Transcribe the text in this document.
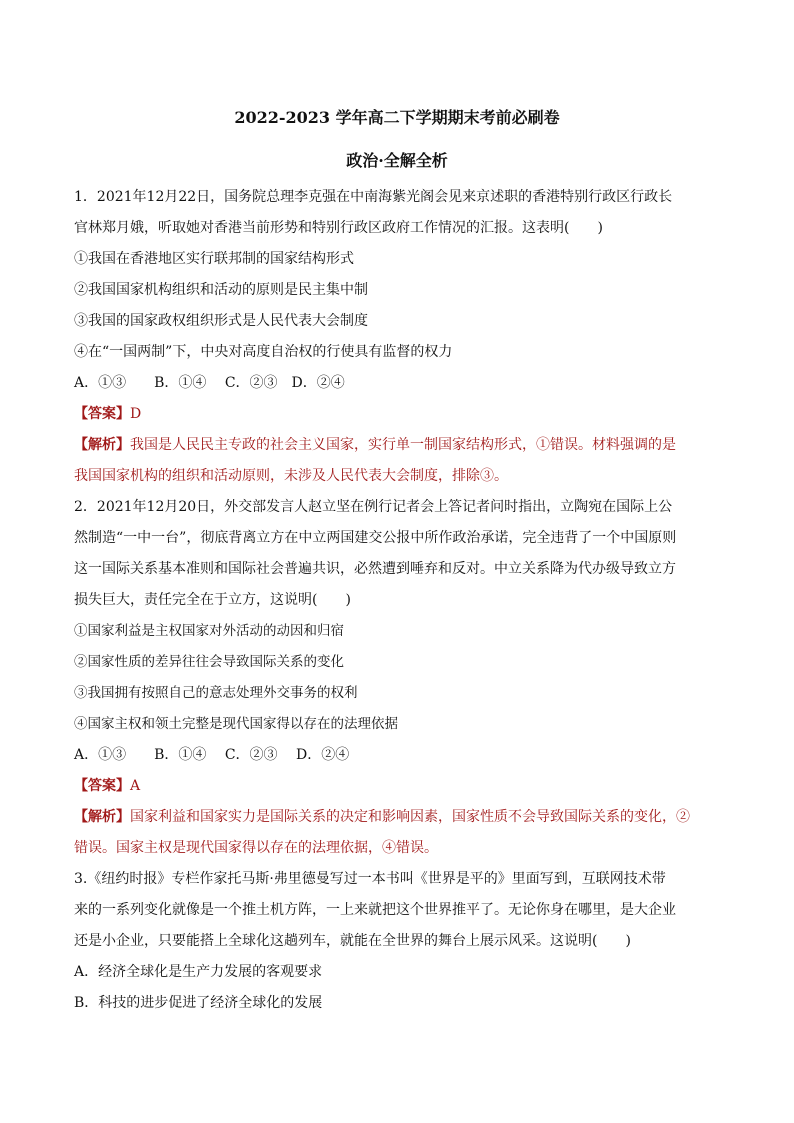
2022-2023 学年高二下学期期末考前必刷卷
政治·全解全析

1．2021年12月22日，国务院总理李克强在中南海紫光阁会见来京述职的香港特别行政区行政长

官林郑月娥，听取她对香港当前形势和特别行政区政府工作情况的汇报。这表明(　　)

①我国在香港地区实行联邦制的国家结构形式

②我国国家机构组织和活动的原则是民主集中制

③我国的国家政权组织形式是人民代表大会制度

④在“一国两制”下，中央对高度自治权的行使具有监督的权力

A．①③　　B．①④　 C．②③　D．②④

【答案】D

【解析】我国是人民民主专政的社会主义国家，实行单一制国家结构形式，①错误。材料强调的是

我国国家机构的组织和活动原则，未涉及人民代表大会制度，排除③。

2．2021年12月20日，外交部发言人赵立坚在例行记者会上答记者问时指出，立陶宛在国际上公

然制造“一中一台”，彻底背离立方在中立两国建交公报中所作政治承诺，完全违背了一个中国原则

这一国际关系基本准则和国际社会普遍共识，必然遭到唾弃和反对。中立关系降为代办级导致立方

损失巨大，责任完全在于立方，这说明(　　)

①国家利益是主权国家对外活动的动因和归宿

②国家性质的差异往往会导致国际关系的变化

③我国拥有按照自己的意志处理外交事务的权利

④国家主权和领土完整是现代国家得以存在的法理依据

A．①③　　B．①④　 C．②③　 D．②④

【答案】A

【解析】国家利益和国家实力是国际关系的决定和影响因素，国家性质不会导致国际关系的变化，②

错误。国家主权是现代国家得以存在的法理依据，④错误。

3.《纽约时报》专栏作家托马斯·弗里德曼写过一本书叫《世界是平的》里面写到，互联网技术带

来的一系列变化就像是一个推土机方阵，一上来就把这个世界推平了。无论你身在哪里，是大企业

还是小企业，只要能搭上全球化这趟列车，就能在全世界的舞台上展示风采。这说明(　　)

A．经济全球化是生产力发展的客观要求

B．科技的进步促进了经济全球化的发展
